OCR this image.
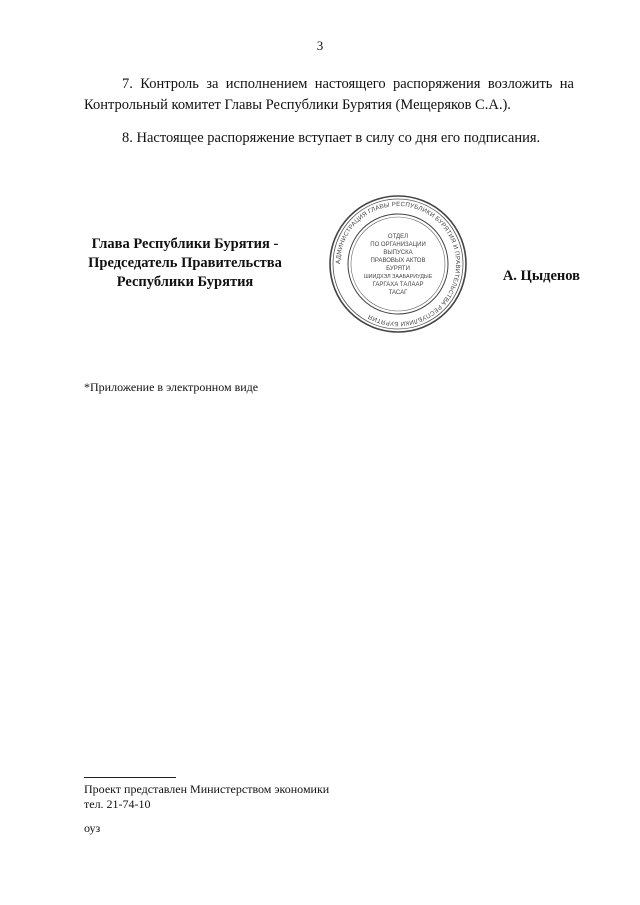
3
7. Контроль за исполнением настоящего распоряжения возложить на Контрольный комитет Главы Республики Бурятия (Мещеряков С.А.).
8. Настоящее распоряжение вступает в силу со дня его подписания.
Глава Республики Бурятия -
Председатель Правительства
Республики Бурятия
АДМИНИСТРАЦИЯ ГЛАВЫ РЕСПУБЛИКИ БУРЯТИЯ И ПРАВИТЕЛЬСТВА РЕСПУБЛИКИ БУРЯТИЯ
ОТДЕЛ
ПО ОРГАНИЗАЦИИ
ВЫПУСКА
ПРАВОВЫХ АКТОВ
БУРЯТИ
ШИИДХЭЛ ЗААБАРИУДЫЕ
ГАРГАХА ТАЛААР
ТАСАГ
А. Цыденов
*Приложение в электронном виде
Проект представлен Министерством экономики
тел. 21-74-10
оуз
